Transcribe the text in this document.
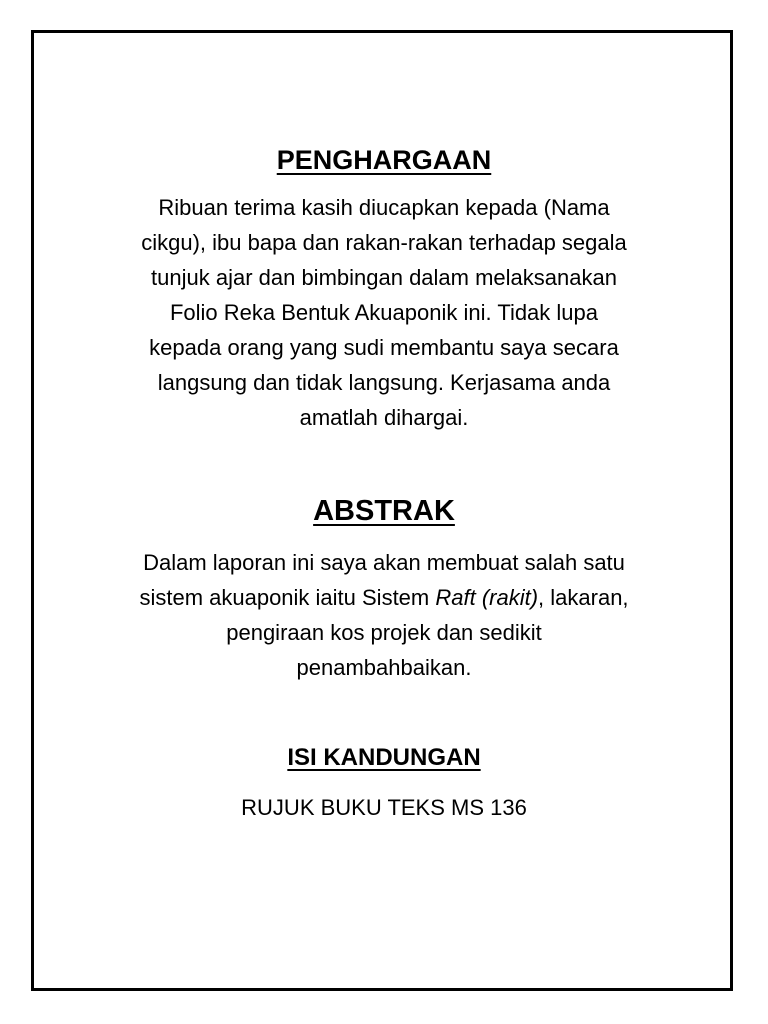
PENGHARGAAN

Ribuan terima kasih diucapkan kepada (Nama
cikgu), ibu bapa dan rakan-rakan terhadap segala
tunjuk ajar dan bimbingan dalam melaksanakan
Folio Reka Bentuk Akuaponik ini. Tidak lupa
kepada orang yang sudi membantu saya secara
langsung dan tidak langsung. Kerjasama anda
amatlah dihargai.

ABSTRAK

Dalam laporan ini saya akan membuat salah satu
sistem akuaponik iaitu Sistem Raft (rakit), lakaran,
pengiraan kos projek dan sedikit
penambahbaikan.

ISI KANDUNGAN

RUJUK BUKU TEKS MS 136
